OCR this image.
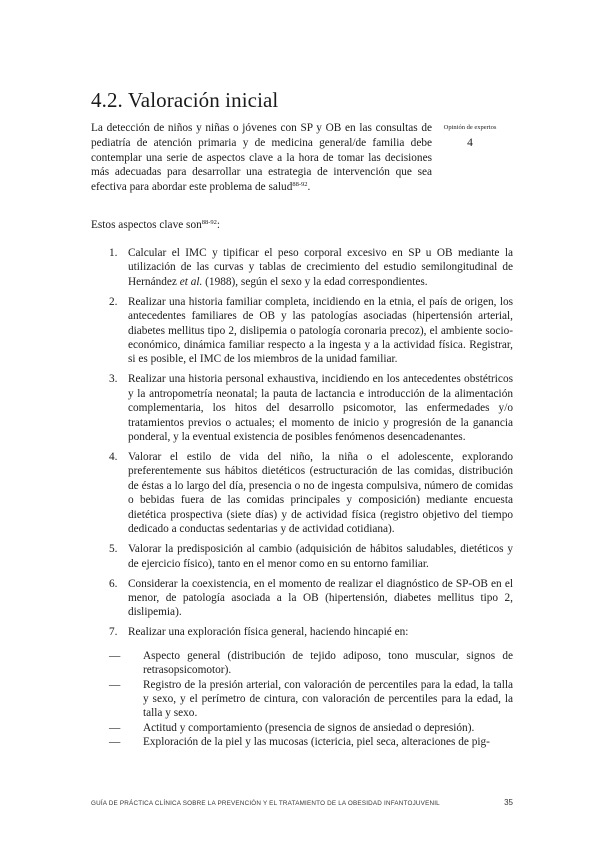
4.2. Valoración inicial

La detección de niños y niñas o jóvenes con SP y OB en las consultas de pediatría de atención primaria y de medicina general/de familia debe contemplar una serie de aspectos clave a la hora de tomar las decisiones más adecuadas para desarrollar una estrategia de intervención que sea efectiva para abordar este problema de salud$^{88-92}$.

Opinión de expertos
4

Estos aspectos clave son$^{88-92}$:

1. Calcular el IMC y tipificar el peso corporal excesivo en SP u OB mediante la utilización de las curvas y tablas de crecimiento del estudio semilongitudinal de Hernández et al. (1988), según el sexo y la edad correspondientes.
2. Realizar una historia familiar completa, incidiendo en la etnia, el país de origen, los antecedentes familiares de OB y las patologías asociadas (hipertensión arterial, diabetes mellitus tipo 2, dislipemia o patología coronaria precoz), el ambiente socio-económico, dinámica familiar respecto a la ingesta y a la actividad física. Registrar, si es posible, el IMC de los miembros de la unidad familiar.
3. Realizar una historia personal exhaustiva, incidiendo en los antecedentes obstétricos y la antropometría neonatal; la pauta de lactancia e introducción de la alimentación complementaria, los hitos del desarrollo psicomotor, las enfermedades y/o tratamientos previos o actuales; el momento de inicio y progresión de la ganancia ponderal, y la eventual existencia de posibles fenómenos desencadenantes.
4. Valorar el estilo de vida del niño, la niña o el adolescente, explorando preferentemente sus hábitos dietéticos (estructuración de las comidas, distribución de éstas a lo largo del día, presencia o no de ingesta compulsiva, número de comidas o bebidas fuera de las comidas principales y composición) mediante encuesta dietética prospectiva (siete días) y de actividad física (registro objetivo del tiempo dedicado a conductas sedentarias y de actividad cotidiana).
5. Valorar la predisposición al cambio (adquisición de hábitos saludables, dietéticos y de ejercicio físico), tanto en el menor como en su entorno familiar.
6. Considerar la coexistencia, en el momento de realizar el diagnóstico de SP-OB en el menor, de patología asociada a la OB (hipertensión, diabetes mellitus tipo 2, dislipemia).
7. Realizar una exploración física general, haciendo hincapié en:
— Aspecto general (distribución de tejido adiposo, tono muscular, signos de retrasopsicomotor).
— Registro de la presión arterial, con valoración de percentiles para la edad, la talla y sexo, y el perímetro de cintura, con valoración de percentiles para la edad, la talla y sexo.
— Actitud y comportamiento (presencia de signos de ansiedad o depresión).
— Exploración de la piel y las mucosas (ictericia, piel seca, alteraciones de pig-
GUÍA DE PRÁCTICA CLÍNICA SOBRE LA PREVENCIÓN Y EL TRATAMIENTO DE LA OBESIDAD INFANTOJUVENIL	35
